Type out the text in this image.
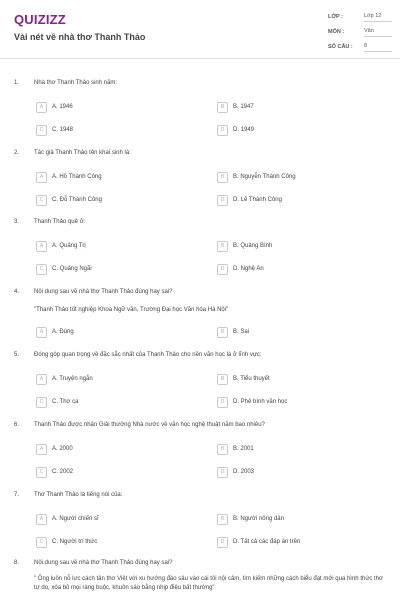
QUIZIZZ
Vài nét về nhà thơ Thanh Thảo
LỚP :	Lớp 12
MÔN :	Văn
SỐ CÂU : 8
1. Nhà thơ Thanh Thảo sinh năm:
A	A. 1946	B	B. 1947
C	C. 1948	D	D. 1949
2. Tác giả Thanh Thảo tên khai sinh là:
A	A. Hồ Thành Công	B	B. Nguyễn Thành Công
C	C. Đỗ Thành Công	D	D. Lê Thành Công
3. Thanh Thảo quê ở:
A	A. Quảng Trị	B	B. Quảng Bình
C	C. Quảng Ngãi	D	D. Nghệ An
4. Nội dung sau về nhà thơ Thanh Thảo đúng hay sai?
"Thanh Thảo tốt nghiệp Khoa Ngữ văn, Trường Đại học Văn hóa Hà Nội"
A	A. Đúng	B	B. Sai
5. Đóng góp quan trọng về đặc sắc nhất của Thanh Thảo cho nền văn học là ở lĩnh vực:
A	A. Truyện ngắn	B	B. Tiểu thuyết
C	C. Thơ ca	D	D. Phê bình văn học
6. Thanh Thảo được nhận Giải thưởng Nhà nước về văn học nghệ thuật năm bao nhiêu?
A	A. 2000	B	B. 2001
C	C. 2002	D	D. 2003
7. Thơ Thanh Thảo là tiếng nói của:
A	A. Người chiến sĩ	B	B. Người nông dân
C	C. Người trí thức	D	D. Tất cả các đáp án trên
8. Nội dung sau về nhà thơ Thanh Thảo đúng hay sai?
" Ông luôn nỗ lực cách tân thơ Việt với xu hướng đào sâu vào cái tôi nội cảm, tìm kiếm những cách biểu đạt mới qua hình thức thơ tự do, xóa bỏ mọi ràng buộc, khuôn sáo bằng nhịp điệu bất thường"
